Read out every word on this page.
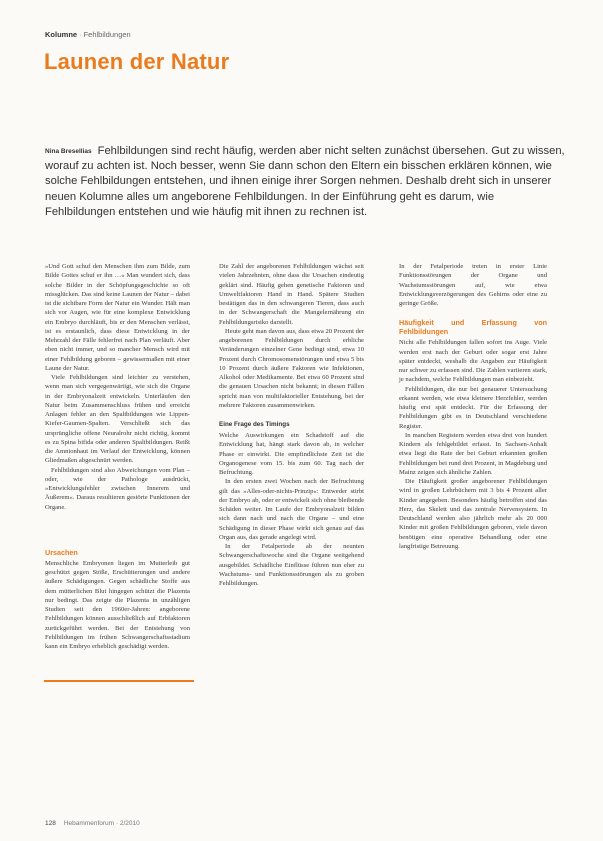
Kolumne · Fehlbildungen
Launen der Natur
Nina Bresellias Fehlbildungen sind recht häufig, werden aber nicht selten zunächst übersehen. Gut zu wissen, worauf zu achten ist. Noch besser, wenn Sie dann schon den Eltern ein bisschen erklären können, wie solche Fehlbildungen entstehen, und ihnen einige ihrer Sorgen nehmen. Deshalb dreht sich in unserer neuen Kolumne alles um angeborene Fehlbildungen. In der Einführung geht es darum, wie Fehlbildungen entstehen und wie häufig mit ihnen zu rechnen ist.

»Und Gott schuf den Menschen ihm zum Bilde, zum Bilde Gottes schuf er ihn …« Man wundert sich, dass solche Bilder in der Schöpfungsgeschichte so oft missglücken. Das sind keine Launen der Natur – dabei ist die sichtbare Form der Natur ein Wunder. Hält man sich vor Augen, wie für eine komplexe Entwicklung ein Embryo durchläuft, bis er den Menschen verlässt, ist es erstaunlich, dass diese Entwicklung in der Mehrzahl der Fälle fehlerfrei nach Plan verläuft. Aber eben nicht immer, und so mancher Mensch wird mit einer Fehlbildung geboren – gewissermaßen mit einer Laune der Natur.

Viele Fehlbildungen sind leichter zu verstehen, wenn man sich vergegenwärtigt, wie sich die Organe in der Embryonalzeit entwickeln. Unterläufen den Natur beim Zusammenschluss frühen und erreicht Anlagen fehler an den Spaltbildungen wie Lippen-Kiefer-Gaumen-Spalten. Verschließt sich das ursprüngliche offene Neuralrohr nicht richtig, kommt es zu Spina bifida oder anderen Spaltbildungen. Reißt die Amnionhaut im Verlauf der Entwicklung, können Gliedmaßen abgeschnürt werden.

Fehlbildungen sind also Abweichungen vom Plan – oder, wie der Pathologe ausdrückt, »Entwicklungsfehler zwischen Innerem und Äußerem«. Daraus resultieren gestörte Funktionen der Organe.

Ursachen

Menschliche Embryonen liegen im Mutterleib gut geschützt gegen Stöße, Erschütterungen und andere äußere Schädigungen. Gegen schädliche Stoffe aus dem mütterlichen Blut hingegen schützt die Plazenta nur bedingt. Das zeigte die Plazenta in unzähligen Studien seit den 1960er-Jahren: angeborene Fehlbildungen können ausschließlich auf Erbfaktoren zurückgeführt werden. Bei der Entstehung von Fehlbildungen im frühen Schwangerschaftsstadium kann ein Embryo erheblich geschädigt werden.

Die Zahl der angeborenen Fehlbildungen wächst seit vielen Jahrzehnten, ohne dass die Ursachen eindeutig geklärt sind. Häufig gehen genetische Faktoren und Umweltfaktoren Hand in Hand. Spätere Studien bestätigen das in den schwangeren Tieren, dass auch in der Schwangerschaft die Mangelernährung ein Fehlbildungsrisiko darstellt.

Heute geht man davon aus, dass etwa 20 Prozent der angeborenen Fehlbildungen durch erbliche Veränderungen einzelner Gene bedingt sind, etwa 10 Prozent durch Chromosomenstörungen und etwa 5 bis 10 Prozent durch äußere Faktoren wie Infektionen, Alkohol oder Medikamente. Bei etwa 60 Prozent sind die genauen Ursachen nicht bekannt; in diesen Fällen spricht man von multifaktorieller Entstehung, bei der mehrere Faktoren zusammenwirken.

Eine Frage des Timings

Welche Auswirkungen ein Schadstoff auf die Entwicklung hat, hängt stark davon ab, in welcher Phase er einwirkt. Die empfindlichste Zeit ist die Organogenese vom 15. bis zum 60. Tag nach der Befruchtung.

In den ersten zwei Wochen nach der Befruchtung gilt das »Alles-oder-nichts-Prinzip«: Entweder stirbt der Embryo ab, oder er entwickelt sich ohne bleibende Schäden weiter. Im Laufe der Embryonalzeit bilden sich dann nach und nach die Organe – und eine Schädigung in dieser Phase wirkt sich genau auf das Organ aus, das gerade angelegt wird.

In der Fetalperiode ab der neunten Schwangerschaftswoche sind die Organe weitgehend ausgebildet. Schädliche Einflüsse führen nun eher zu Wachstums- und Funktionsstörungen als zu groben Fehlbildungen.

In der Fetalperiode treten in erster Linie Funktionsstörungen der Organe und Wachstumsstörungen auf, wie etwa Entwicklungsverzögerungen des Gehirns oder eine zu geringe Größe.

Häufigkeit und Erfassung von Fehlbildungen

Nicht alle Fehlbildungen fallen sofort ins Auge. Viele werden erst nach der Geburt oder sogar erst Jahre später entdeckt, weshalb die Angaben zur Häufigkeit nur schwer zu erfassen sind. Die Zahlen variieren stark, je nachdem, welche Fehlbildungen man einbezieht.

Fehlbildungen, die nur bei genauerer Untersuchung erkannt werden, wie etwa kleinere Herzfehler, werden häufig erst spät entdeckt. Für die Erfassung der Fehlbildungen gibt es in Deutschland verschiedene Register.

In manchen Registern werden etwa drei von hundert Kindern als fehlgebildet erfasst. In Sachsen-Anhalt etwa liegt die Rate der bei Geburt erkannten großen Fehlbildungen bei rund drei Prozent, in Magdeburg und Mainz zeigen sich ähnliche Zahlen.

Die Häufigkeit großer angeborener Fehlbildungen wird in großen Lehrbüchern mit 3 bis 4 Prozent aller Kinder angegeben. Besonders häufig betroffen sind das Herz, das Skelett und das zentrale Nervensystem. In Deutschland werden also jährlich mehr als 20 000 Kinder mit großen Fehlbildungen geboren, viele davon benötigen eine operative Behandlung oder eine langfristige Betreuung.

128 Hebammenforum · 2/2010
